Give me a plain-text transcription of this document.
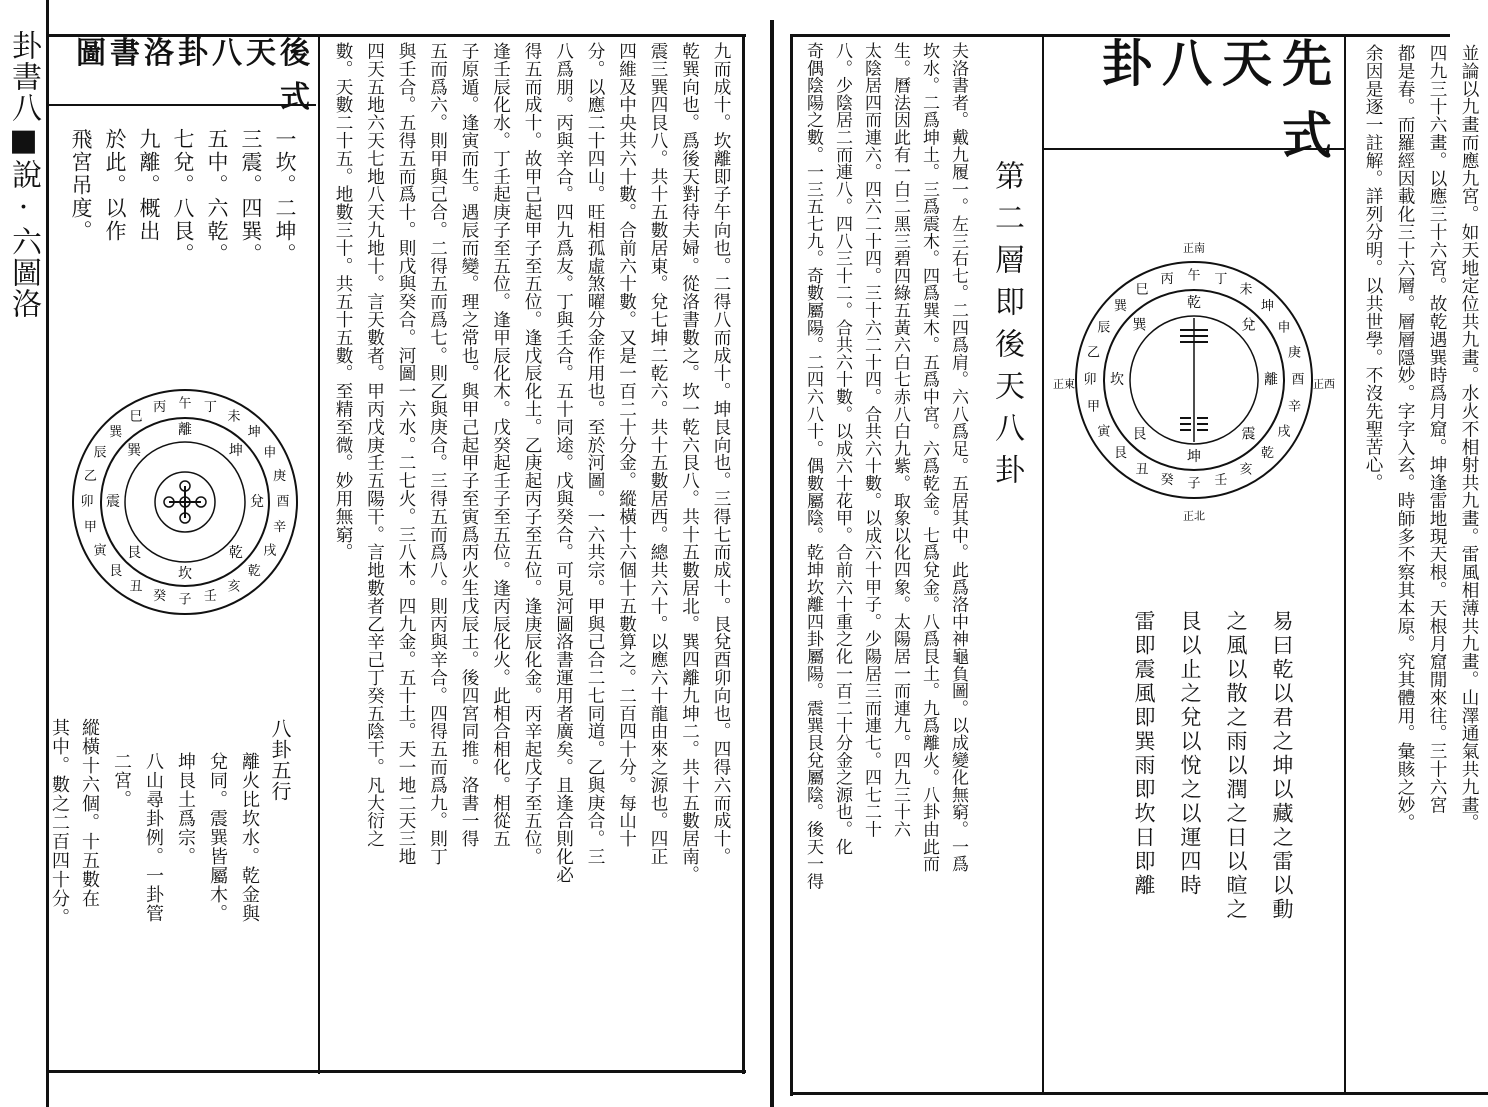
卦書八■說·六圖洛	後天八卦洛書圖式
一坎。二坤。
三震。四巽。
五中。六乾。
七兌。八艮。
九離。概出
於此。以作
飛宮吊度。
午 丁
未
坤
申
庚
酉
辛
戌
乾
亥
壬
子
癸
丑
艮
寅
甲
卯
乙
辰
巽
巳
丙
離
坤
兌
乾
坎
艮
震
巽
八卦五行
離火比坎水。乾金與
兌同。震巽皆屬木。
坤艮土爲宗。
八山尋卦例。一卦管
二宮。
縱橫十六個。十五數在
其中。數之二百四十分。	九而成十。坎離即子午向也。二得八而成十。坤艮向也。三得七而成十。艮兌酉卯向也。四得六而成十。
乾巽向也。爲後天對待夫婦。從洛書數之。坎一乾六艮八。共十五數居北。巽四離九坤二。共十五數居南。
震三巽四艮八。共十五數居東。兌七坤二乾六。共十五數居西。總共六十。以應六十龍由來之源也。四正
四維及中央共六十數。合前六十數。又是一百二十分金。縱橫十六個十五數算之。二百四十分。每山十
分。以應二十四山。旺相孤虛煞曜分金作用也。至於河圖。一六共宗。甲與己合二七同道。乙與庚合。三
八爲朋。丙與辛合。四九爲友。丁與壬合。五十同途。戊與癸合。可見河圖洛書運用者廣矣。且逢合則化必
得五而成十。故甲己起甲子至五位。逢戊辰化土。乙庚起丙子至五位。逢庚辰化金。丙辛起戊子至五位。
逢壬辰化水。丁壬起庚子至五位。逢甲辰化木。戊癸起壬子至五位。逢丙辰化火。此相合相化。相從五
子原遁。逢寅而生。遇辰而變。理之常也。與甲己起甲子至寅爲丙火生戊辰土。後四宮同推。洛書一得
五而爲六。則甲與己合。二得五而爲七。則乙與庚合。三得五而爲八。則丙與辛合。四得五而爲九。則丁
與壬合。五得五而爲十。則戊與癸合。河圖一六水。二七火。三八木。四九金。五十土。天一地二天三地
四天五地六天七地八天九地十。言天數者。甲丙戊庚壬五陽干。言地數者乙辛己丁癸五陰干。凡大衍之
數。天數二十五。地數三十。共五十五數。至精至微。妙用無窮。	夫洛書者。戴九履一。左三右七。二四爲肩。六八爲足。五居其中。此爲洛中神龜負圖。以成變化無窮。一爲
坎水。二爲坤土。三爲震木。四爲巽木。五爲中宮。六爲乾金。七爲兌金。八爲艮土。九爲離火。八卦由此而
生。曆法因此有一白二黑三碧四綠五黃六白七赤八白九紫。取象以化四象。太陽居一而連九。四九三十六
太陰居四而連六。四六二十四。三十六二十四。合共六十數。以成六十甲子。少陽居三而連七。四七二十
八。少陰居二而連八。四八三十二。合共六十數。以成六十花甲。合前六十重之化一百二十分金之源也。化
奇偶陰陽之數。一三五七九。奇數屬陽。二四六八十。偶數屬陰。乾坤坎離四卦屬陽。震巽艮兌屬陰。後天一得	第二層即後天八卦
先天八卦式
午 丁
未
坤
申
庚
酉
辛
戌
乾
亥
壬
子
癸
丑
艮
寅
甲
卯
乙
辰
巽
巳
丙
乾
兌
離
震
坤
艮
坎
巽
正南
正西
正北
正東
易曰乾以君之坤以藏之雷以動
之風以散之雨以潤之日以暄之
艮以止之兌以悅之以運四時
雷即震風即巽雨即坎日即離	並論以九畫而應九宮。如天地定位共九畫。水火不相射共九畫。雷風相薄共九畫。山澤通氣共九畫。
四九三十六畫。以應三十六宮。故乾遇巽時爲月窟。坤逢雷地現天根。天根月窟閒來往。三十六宮
都是春。而羅經因載化三十六層。層層隱妙。字字入玄。時師多不察其本原。究其體用。彙賅之妙。
余因是逐一註解。詳列分明。以共世學。不沒先聖苦心。
